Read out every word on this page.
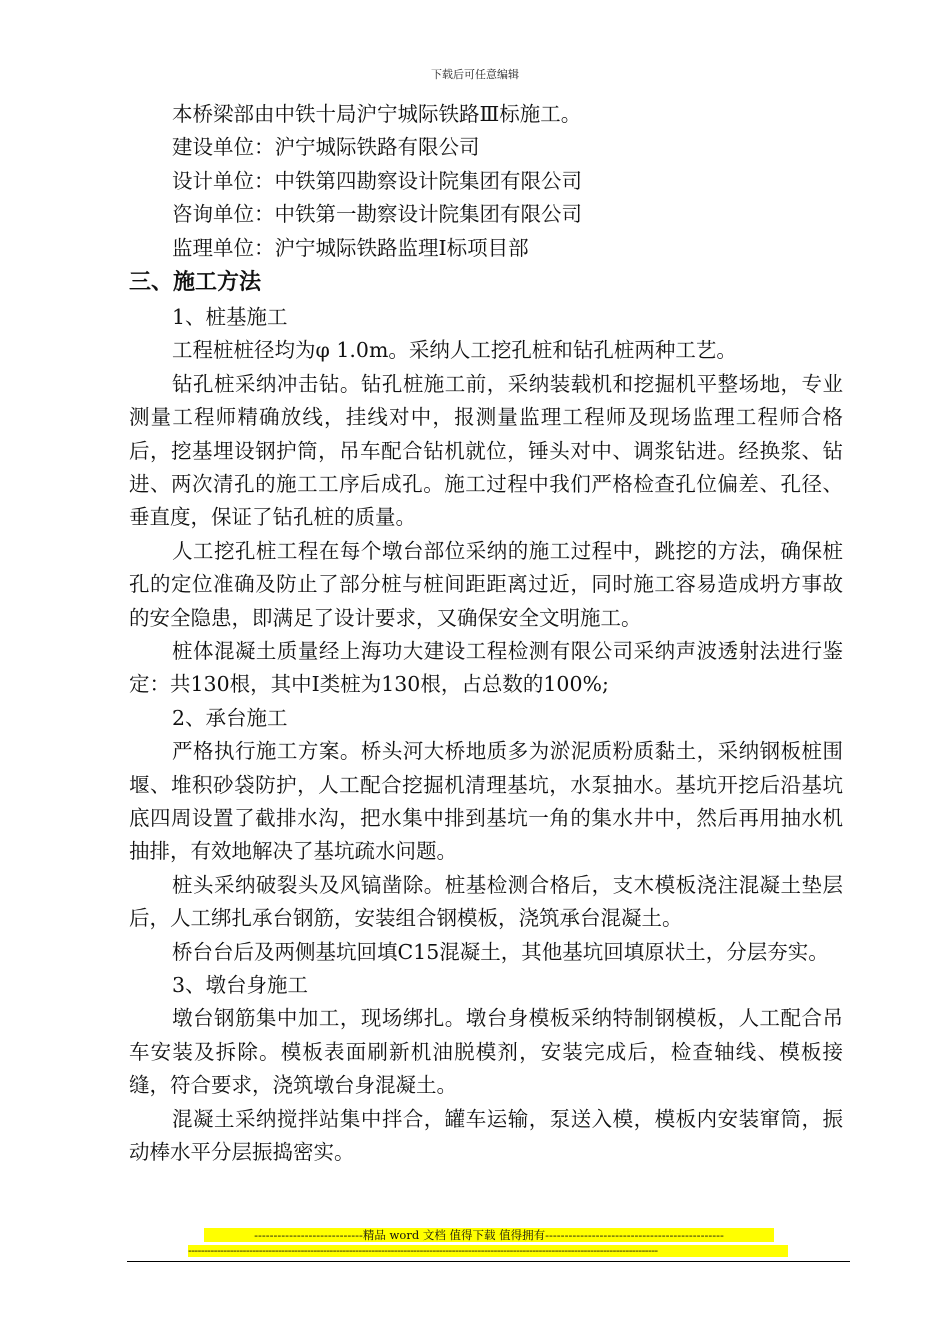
下载后可任意编辑
本桥梁部由中铁十局沪宁城际铁路Ⅲ标施工。
建设单位：沪宁城际铁路有限公司
设计单位：中铁第四勘察设计院集团有限公司
咨询单位：中铁第一勘察设计院集团有限公司
监理单位：沪宁城际铁路监理Ⅰ标项目部
三、施工方法
1、桩基施工
工程桩桩径均为φ 1.0m。采纳人工挖孔桩和钻孔桩两种工艺。
钻孔桩采纳冲击钻。钻孔桩施工前，采纳装载机和挖掘机平整场地，专业测量工程师精确放线，挂线对中，报测量监理工程师及现场监理工程师合格后，挖基埋设钢护筒，吊车配合钻机就位，锤头对中、调浆钻进。经换浆、钻进、两次清孔的施工工序后成孔。施工过程中我们严格检查孔位偏差、孔径、垂直度，保证了钻孔桩的质量。
人工挖孔桩工程在每个墩台部位采纳的施工过程中，跳挖的方法，确保桩孔的定位准确及防止了部分桩与桩间距距离过近，同时施工容易造成坍方事故的安全隐患，即满足了设计要求，又确保安全文明施工。
桩体混凝土质量经上海功大建设工程检测有限公司采纳声波透射法进行鉴定：共130根，其中Ⅰ类桩为130根，占总数的100%;
2、承台施工
严格执行施工方案。桥头河大桥地质多为淤泥质粉质黏土，采纳钢板桩围堰、堆积砂袋防护，人工配合挖掘机清理基坑，水泵抽水。基坑开挖后沿基坑底四周设置了截排水沟，把水集中排到基坑一角的集水井中，然后再用抽水机抽排，有效地解决了基坑疏水问题。
桩头采纳破裂头及风镐凿除。桩基检测合格后，支木模板浇注混凝土垫层后，人工绑扎承台钢筋，安装组合钢模板，浇筑承台混凝土。
桥台台后及两侧基坑回填C15混凝土，其他基坑回填原状土，分层夯实。
3、墩台身施工
墩台钢筋集中加工，现场绑扎。墩台身模板采纳特制钢模板，人工配合吊车安装及拆除。模板表面刷新机油脱模剂，安装完成后，检查轴线、模板接缝，符合要求，浇筑墩台身混凝土。
混凝土采纳搅拌站集中拌合，罐车运输，泵送入模，模板内安装窜筒，振动棒水平分层振捣密实。
----------------------------精品 word 文档 值得下载 值得拥有----------------------------------------------
--------------------------------------------------------------------------------------------------------------------------------------------------
